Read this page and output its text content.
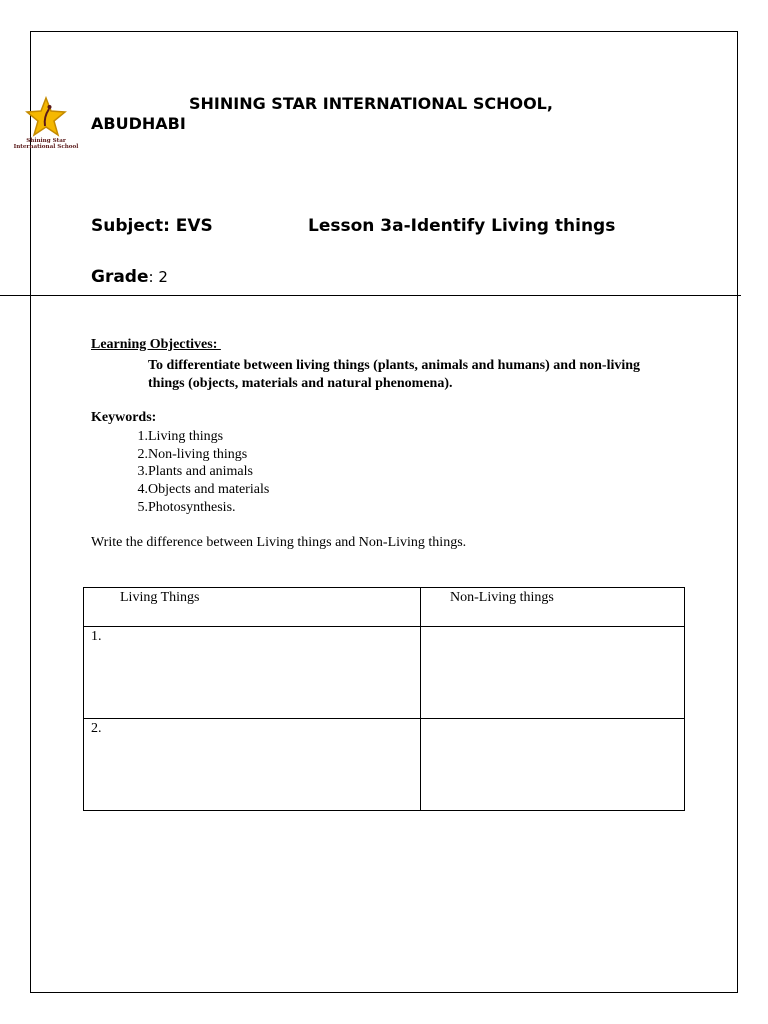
Shining Star
International School
SHINING STAR INTERNATIONAL SCHOOL,
ABUDHABI
Subject: EVS	Lesson 3a-Identify Living things
Grade: 2
Learning Objectives:
To differentiate between living things (plants, animals and humans) and non-living things (objects, materials and natural phenomena).
Keywords:
1. Living things
2. Non-living things
3. Plants and animals
4. Objects and materials
5. Photosynthesis.
Write the difference between Living things and Non-Living things.
Living Things	Non-Living things
1.	
2.	
